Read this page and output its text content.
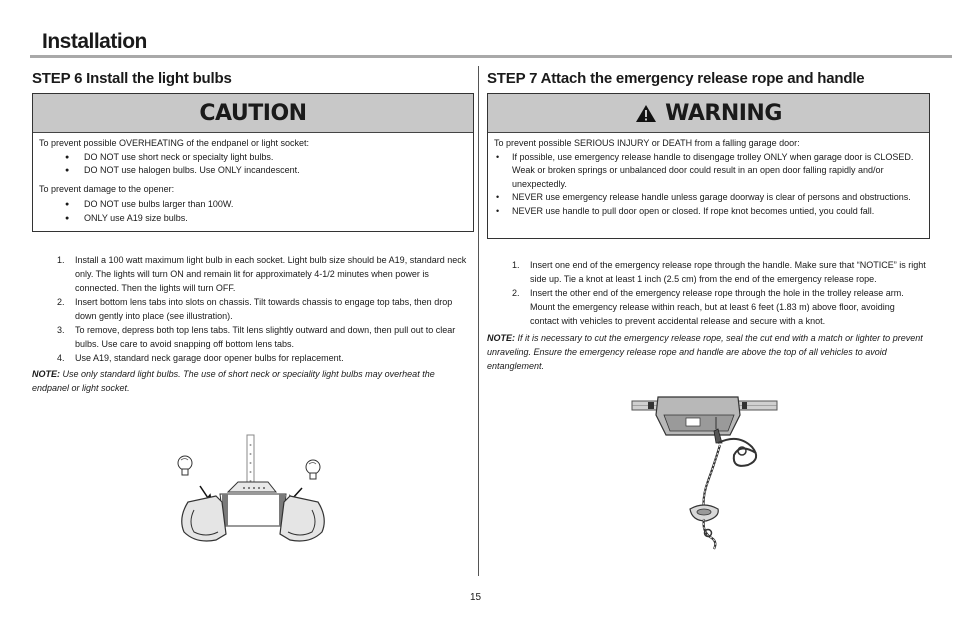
Installation
STEP 6 Install the light bulbs
CAUTION

To prevent possible OVERHEATING of the endpanel or light socket:

● DO NOT use short neck or specialty light bulbs.
● DO NOT use halogen bulbs. Use ONLY incandescent.

To prevent damage to the opener:

● DO NOT use bulbs larger than 100W.
● ONLY use A19 size bulbs.
1. Install a 100 watt maximum light bulb in each socket. Light bulb size should be A19, standard neck only. The lights will turn ON and remain lit for approximately 4-1/2 minutes when power is connected. Then the lights will turn OFF.
2. Insert bottom lens tabs into slots on chassis. Tilt towards chassis to engage top tabs, then drop down gently into place (see illustration).
3. To remove, depress both top lens tabs. Tilt lens slightly outward and down, then pull out to clear bulbs. Use care to avoid snapping off bottom lens tabs.
4. Use A19, standard neck garage door opener bulbs for replacement.
NOTE: Use only standard light bulbs. The use of short neck or speciality light bulbs may overheat the endpanel or light socket.
STEP 7 Attach the emergency release rope and handle
WARNING

To prevent possible SERIOUS INJURY or DEATH from a falling garage door:

• If possible, use emergency release handle to disengage trolley ONLY when garage door is CLOSED. Weak or broken springs or unbalanced door could result in an open door falling rapidly and/or unexpectedly.
• NEVER use emergency release handle unless garage doorway is clear of persons and obstructions.
• NEVER use handle to pull door open or closed. If rope knot becomes untied, you could fall.
1. Insert one end of the emergency release rope through the handle. Make sure that “NOTICE” is right side up. Tie a knot at least 1 inch (2.5 cm) from the end of the emergency release rope.
2. Insert the other end of the emergency release rope through the hole in the trolley release arm. Mount the emergency release within reach, but at least 6 feet (1.83 m) above floor, avoiding contact with vehicles to prevent accidental release and secure with a knot.
NOTE: If it is necessary to cut the emergency release rope, seal the cut end with a match or lighter to prevent unraveling. Ensure the emergency release rope and handle are above the top of all vehicles to avoid entanglement.
15
